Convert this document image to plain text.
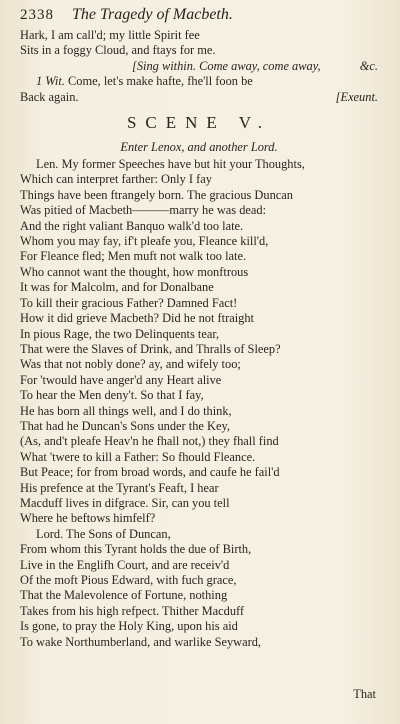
2338 The Tragedy of Macbeth.
Hark, I am call'd; my little Spirit fee
Sits in a foggy Cloud, and ftays for me.
[Sing within. Come away, come away,	&c.
1 Wit. Come, let's make hafte, fhe'll foon be
Back again.	[Exeunt.
SCENE V.
Enter Lenox, and another Lord.
Len. My former Speeches have but hit your Thoughts,
Which can interpret farther: Only I fay
Things have been ftrangely born. The gracious Duncan
Was pitied of Macbeth———marry he was dead:
And the right valiant Banquo walk'd too late.
Whom you may fay, if't pleafe you, Fleance kill'd,
For Fleance fled; Men muft not walk too late.
Who cannot want the thought, how monftrous
It was for Malcolm, and for Donalbane
To kill their gracious Father? Damned Fact!
How it did grieve Macbeth? Did he not ftraight
In pious Rage, the two Delinquents tear,
That were the Slaves of Drink, and Thralls of Sleep?
Was that not nobly done? ay, and wifely too;
For 'twould have anger'd any Heart alive
To hear the Men deny't. So that I fay,
He has born all things well, and I do think,
That had he Duncan's Sons under the Key,
(As, and't pleafe Heav'n he fhall not,) they fhall find
What 'twere to kill a Father: So fhould Fleance.
But Peace; for from broad words, and caufe he fail'd
His prefence at the Tyrant's Feaft, I hear
Macduff lives in difgrace. Sir, can you tell
Where he beftows himfelf?
Lord. The Sons of Duncan,
From whom this Tyrant holds the due of Birth,
Live in the Englifh Court, and are receiv'd
Of the moft Pious Edward, with fuch grace,
That the Malevolence of Fortune, nothing
Takes from his high refpect. Thither Macduff
Is gone, to pray the Holy King, upon his aid
To wake Northumberland, and warlike Seyward,
That
